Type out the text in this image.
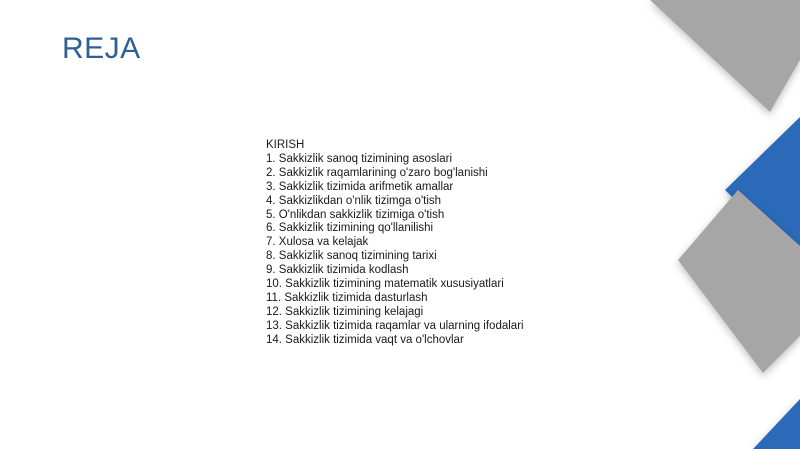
REJA
KIRISH
1. Sakkizlik sanoq tizimining asoslari
2. Sakkizlik raqamlarining o'zaro bog'lanishi
3. Sakkizlik tizimida arifmetik amallar
4. Sakkizlikdan o'nlik tizimga o'tish
5. O'nlikdan sakkizlik tizimiga o'tish
6. Sakkizlik tizimining qo'llanilishi
7. Xulosa va kelajak
8. Sakkizlik sanoq tizimining tarixi
9. Sakkizlik tizimida kodlash
10. Sakkizlik tizimining matematik xususiyatlari
11. Sakkizlik tizimida dasturlash
12. Sakkizlik tizimining kelajagi
13. Sakkizlik tizimida raqamlar va ularning ifodalari
14. Sakkizlik tizimida vaqt va o'lchovlar
